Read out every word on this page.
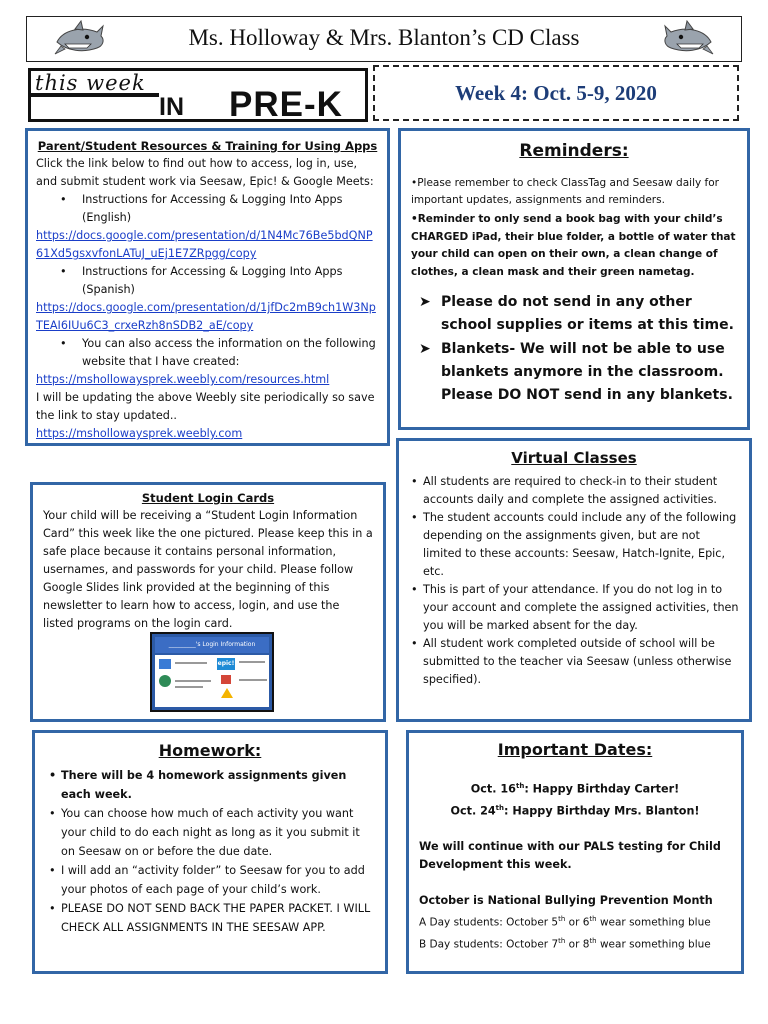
Ms. Holloway & Mrs. Blanton’s CD Class
this week
IN PRE-K	Week 4: Oct. 5-9, 2020
Parent/Student Resources & Training for Using Apps
Click the link below to find out how to access, log in, use, and submit student work via Seesaw, Epic! & Google Meets:
• Instructions for Accessing & Logging Into Apps (English)
https://docs.google.com/presentation/d/1N4Mc76Be5bdQNP61Xd5gsxvfonLATuJ_uEj1E7ZRpgg/copy
• Instructions for Accessing & Logging Into Apps (Spanish)
https://docs.google.com/presentation/d/1jfDc2mB9ch1W3NpTEAI6IUu6C3_crxeRzh8nSDB2_aE/copy
• You can also access the information on the following website that I have created:
https://mshollowaysprek.weebly.com/resources.html
I will be updating the above Weebly site periodically so save the link to stay updated..
https://mshollowaysprek.weebly.com
Reminders:
•Please remember to check ClassTag and Seesaw daily for important updates, assignments and reminders.
•Reminder to only send a book bag with your child’s CHARGED iPad, their blue folder, a bottle of water that your child can open on their own, a clean change of clothes, a clean mask and their green nametag.
➤ Please do not send in any other school supplies or items at this time.
➤ Blankets- We will not be able to use blankets anymore in the classroom. Please DO NOT send in any blankets.
Student Login Cards
Your child will be receiving a “Student Login Information Card” this week like the one pictured. Please keep this in a safe place because it contains personal information, usernames, and passwords for your child. Please follow Google Slides link provided at the beginning of this newsletter to learn how to access, login, and use the listed programs on the login card.
_________'s Login Information
epic!
Virtual Classes
• All students are required to check-in to their student accounts daily and complete the assigned activities.
• The student accounts could include any of the following depending on the assignments given, but are not limited to these accounts: Seesaw, Hatch-Ignite, Epic, etc.
• This is part of your attendance. If you do not log in to your account and complete the assigned activities, then you will be marked absent for the day.
• All student work completed outside of school will be submitted to the teacher via Seesaw (unless otherwise specified).
Homework:
• There will be 4 homework assignments given each week.
• You can choose how much of each activity you want your child to do each night as long as it you submit it on Seesaw on or before the due date.
• I will add an “activity folder” to Seesaw for you to add your photos of each page of your child’s work.
• PLEASE DO NOT SEND BACK THE PAPER PACKET. I WILL CHECK ALL ASSIGNMENTS IN THE SEESAW APP.
Important Dates:
Oct. 16th: Happy Birthday Carter!
Oct. 24th: Happy Birthday Mrs. Blanton!
We will continue with our PALS testing for Child Development this week.
October is National Bullying Prevention Month
A Day students: October 5th or 6th wear something blue
B Day students: October 7th or 8th wear something blue
